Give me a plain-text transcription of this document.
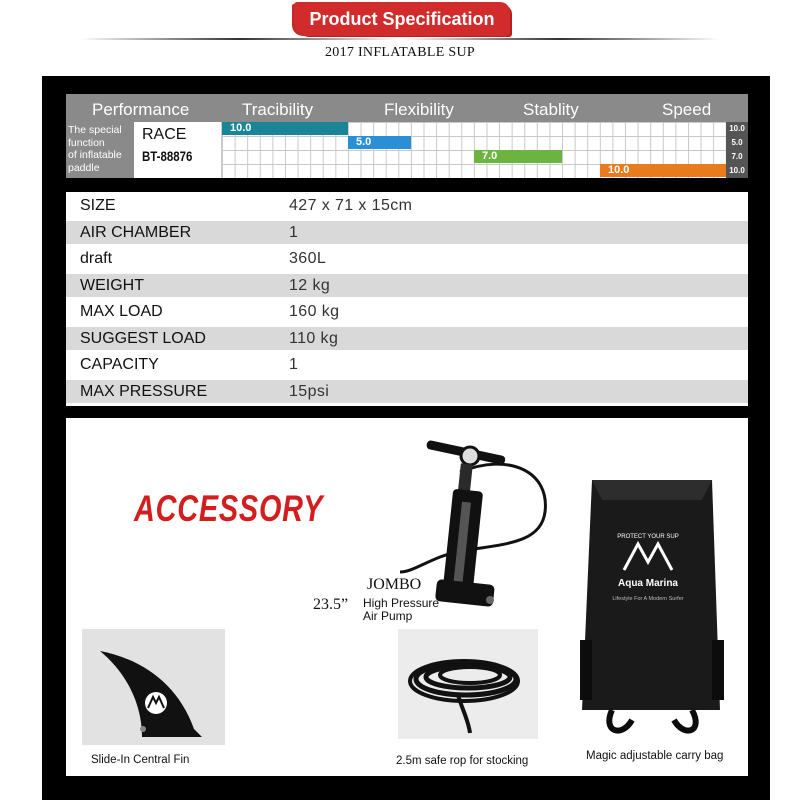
Product Specification
2017 INFLATABLE SUP
Performance	Tracibility	Flexibility	Stablity	Speed
The special
function
of inflatable
paddle
RACE
BT-88876
10.0
5.0
7.0
10.0
10.0
5.0
7.0
10.0
SIZE	427 x 71 x 15cm
AIR CHAMBER	1
draft	360L
WEIGHT	12 kg
MAX LOAD	160 kg
SUGGEST LOAD	110 kg
CAPACITY	1
MAX PRESSURE	15psi
ACCESSORY
JOMBO
23.5” High Pressure
Air Pump
Slide-In Central Fin	2.5m safe rop for stocking
PROTECT YOUR SUP
Aqua Marina
Lifestyle For A Modern Surfer
Magic adjustable carry bag
